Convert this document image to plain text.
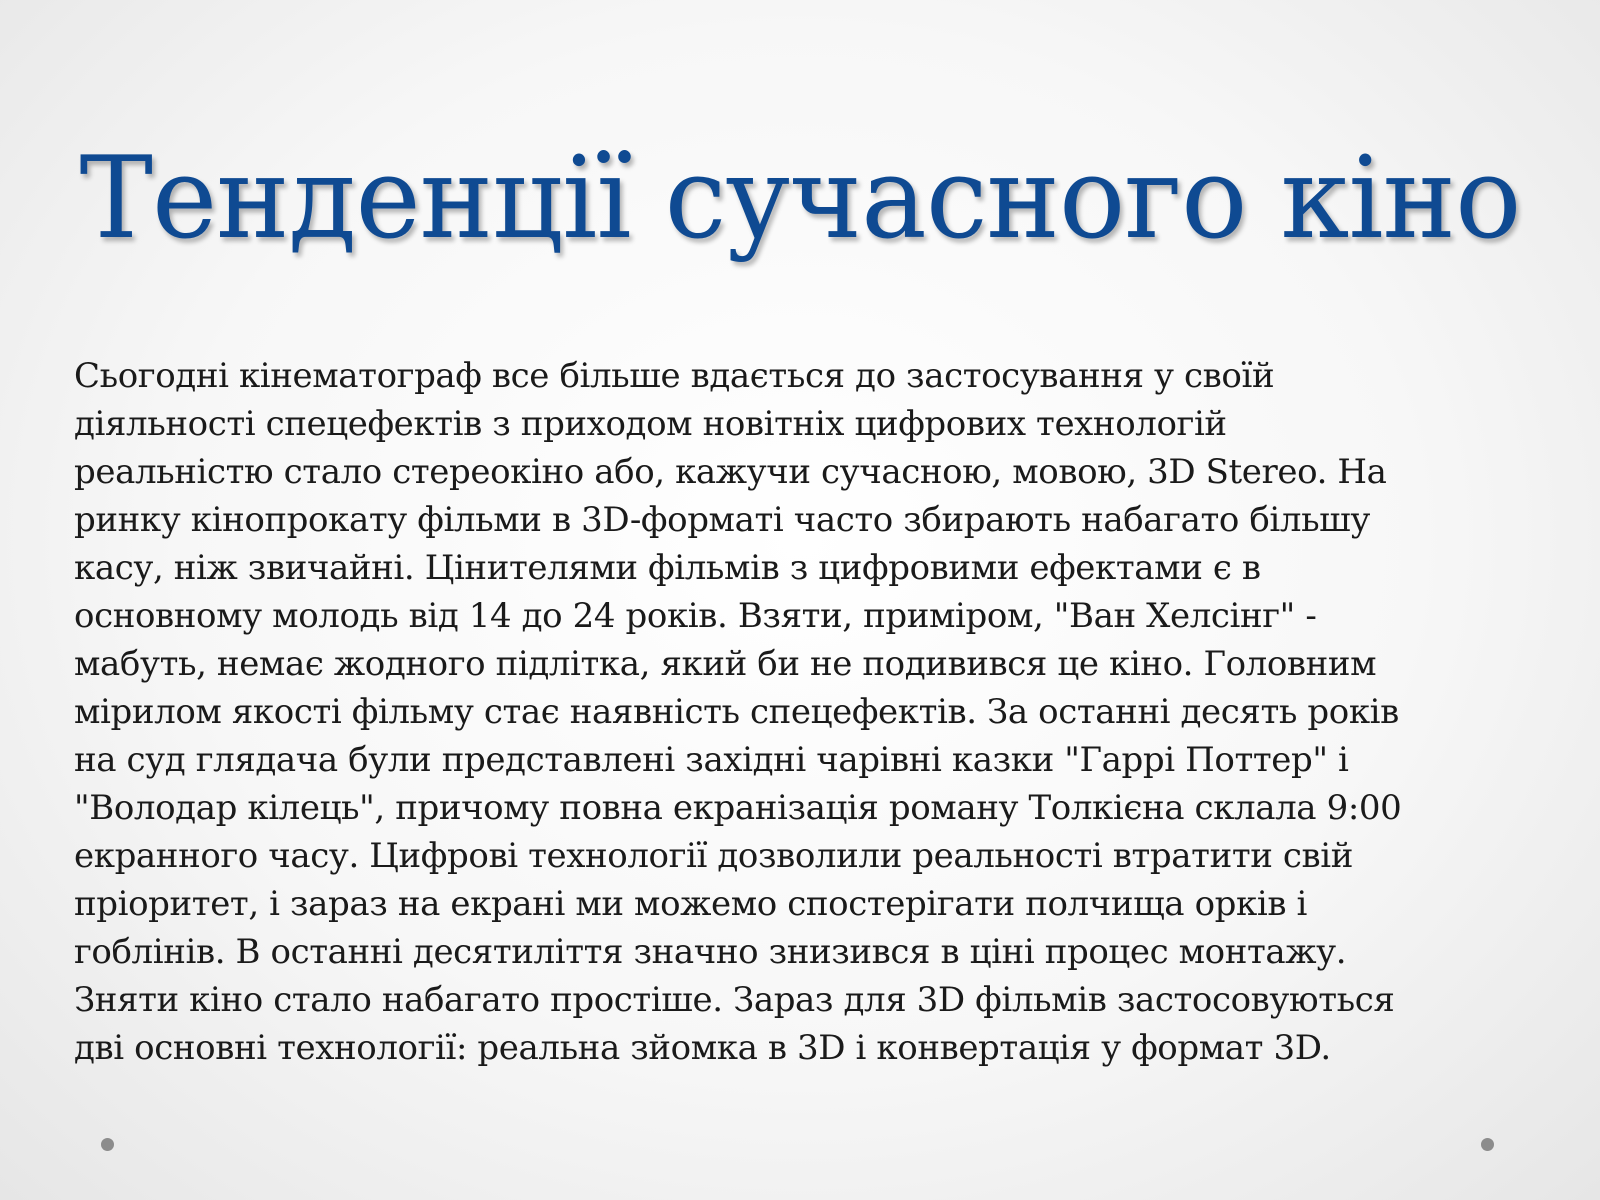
Тенденції сучасного кіно
Сьогодні кінематограф все більше вдається до застосування у своїй
діяльності спецефектів з приходом новітніх цифрових технологій
реальністю стало стереокіно або, кажучи сучасною, мовою, 3D Stereo. На
ринку кінопрокату фільми в 3D-форматі часто збирають набагато більшу
касу, ніж звичайні. Цінителями фільмів з цифровими ефектами є в
основному молодь від 14 до 24 років. Взяти, приміром, "Ван Хелсінг" -
мабуть, немає жодного підлітка, який би не подивився це кіно. Головним
мірилом якості фільму стає наявність спецефектів. За останні десять років
на суд глядача були представлені західні чарівні казки "Гаррі Поттер" і
"Володар кілець", причому повна екранізація роману Толкієна склала 9:00
екранного часу. Цифрові технології дозволили реальності втратити свій
пріоритет, і зараз на екрані ми можемо спостерігати полчища орків і
гоблінів. В останні десятиліття значно знизився в ціні процес монтажу.
Зняти кіно стало набагато простіше. Зараз для 3D фільмів застосовуються
дві основні технології: реальна зйомка в 3D і конвертація у формат 3D.
